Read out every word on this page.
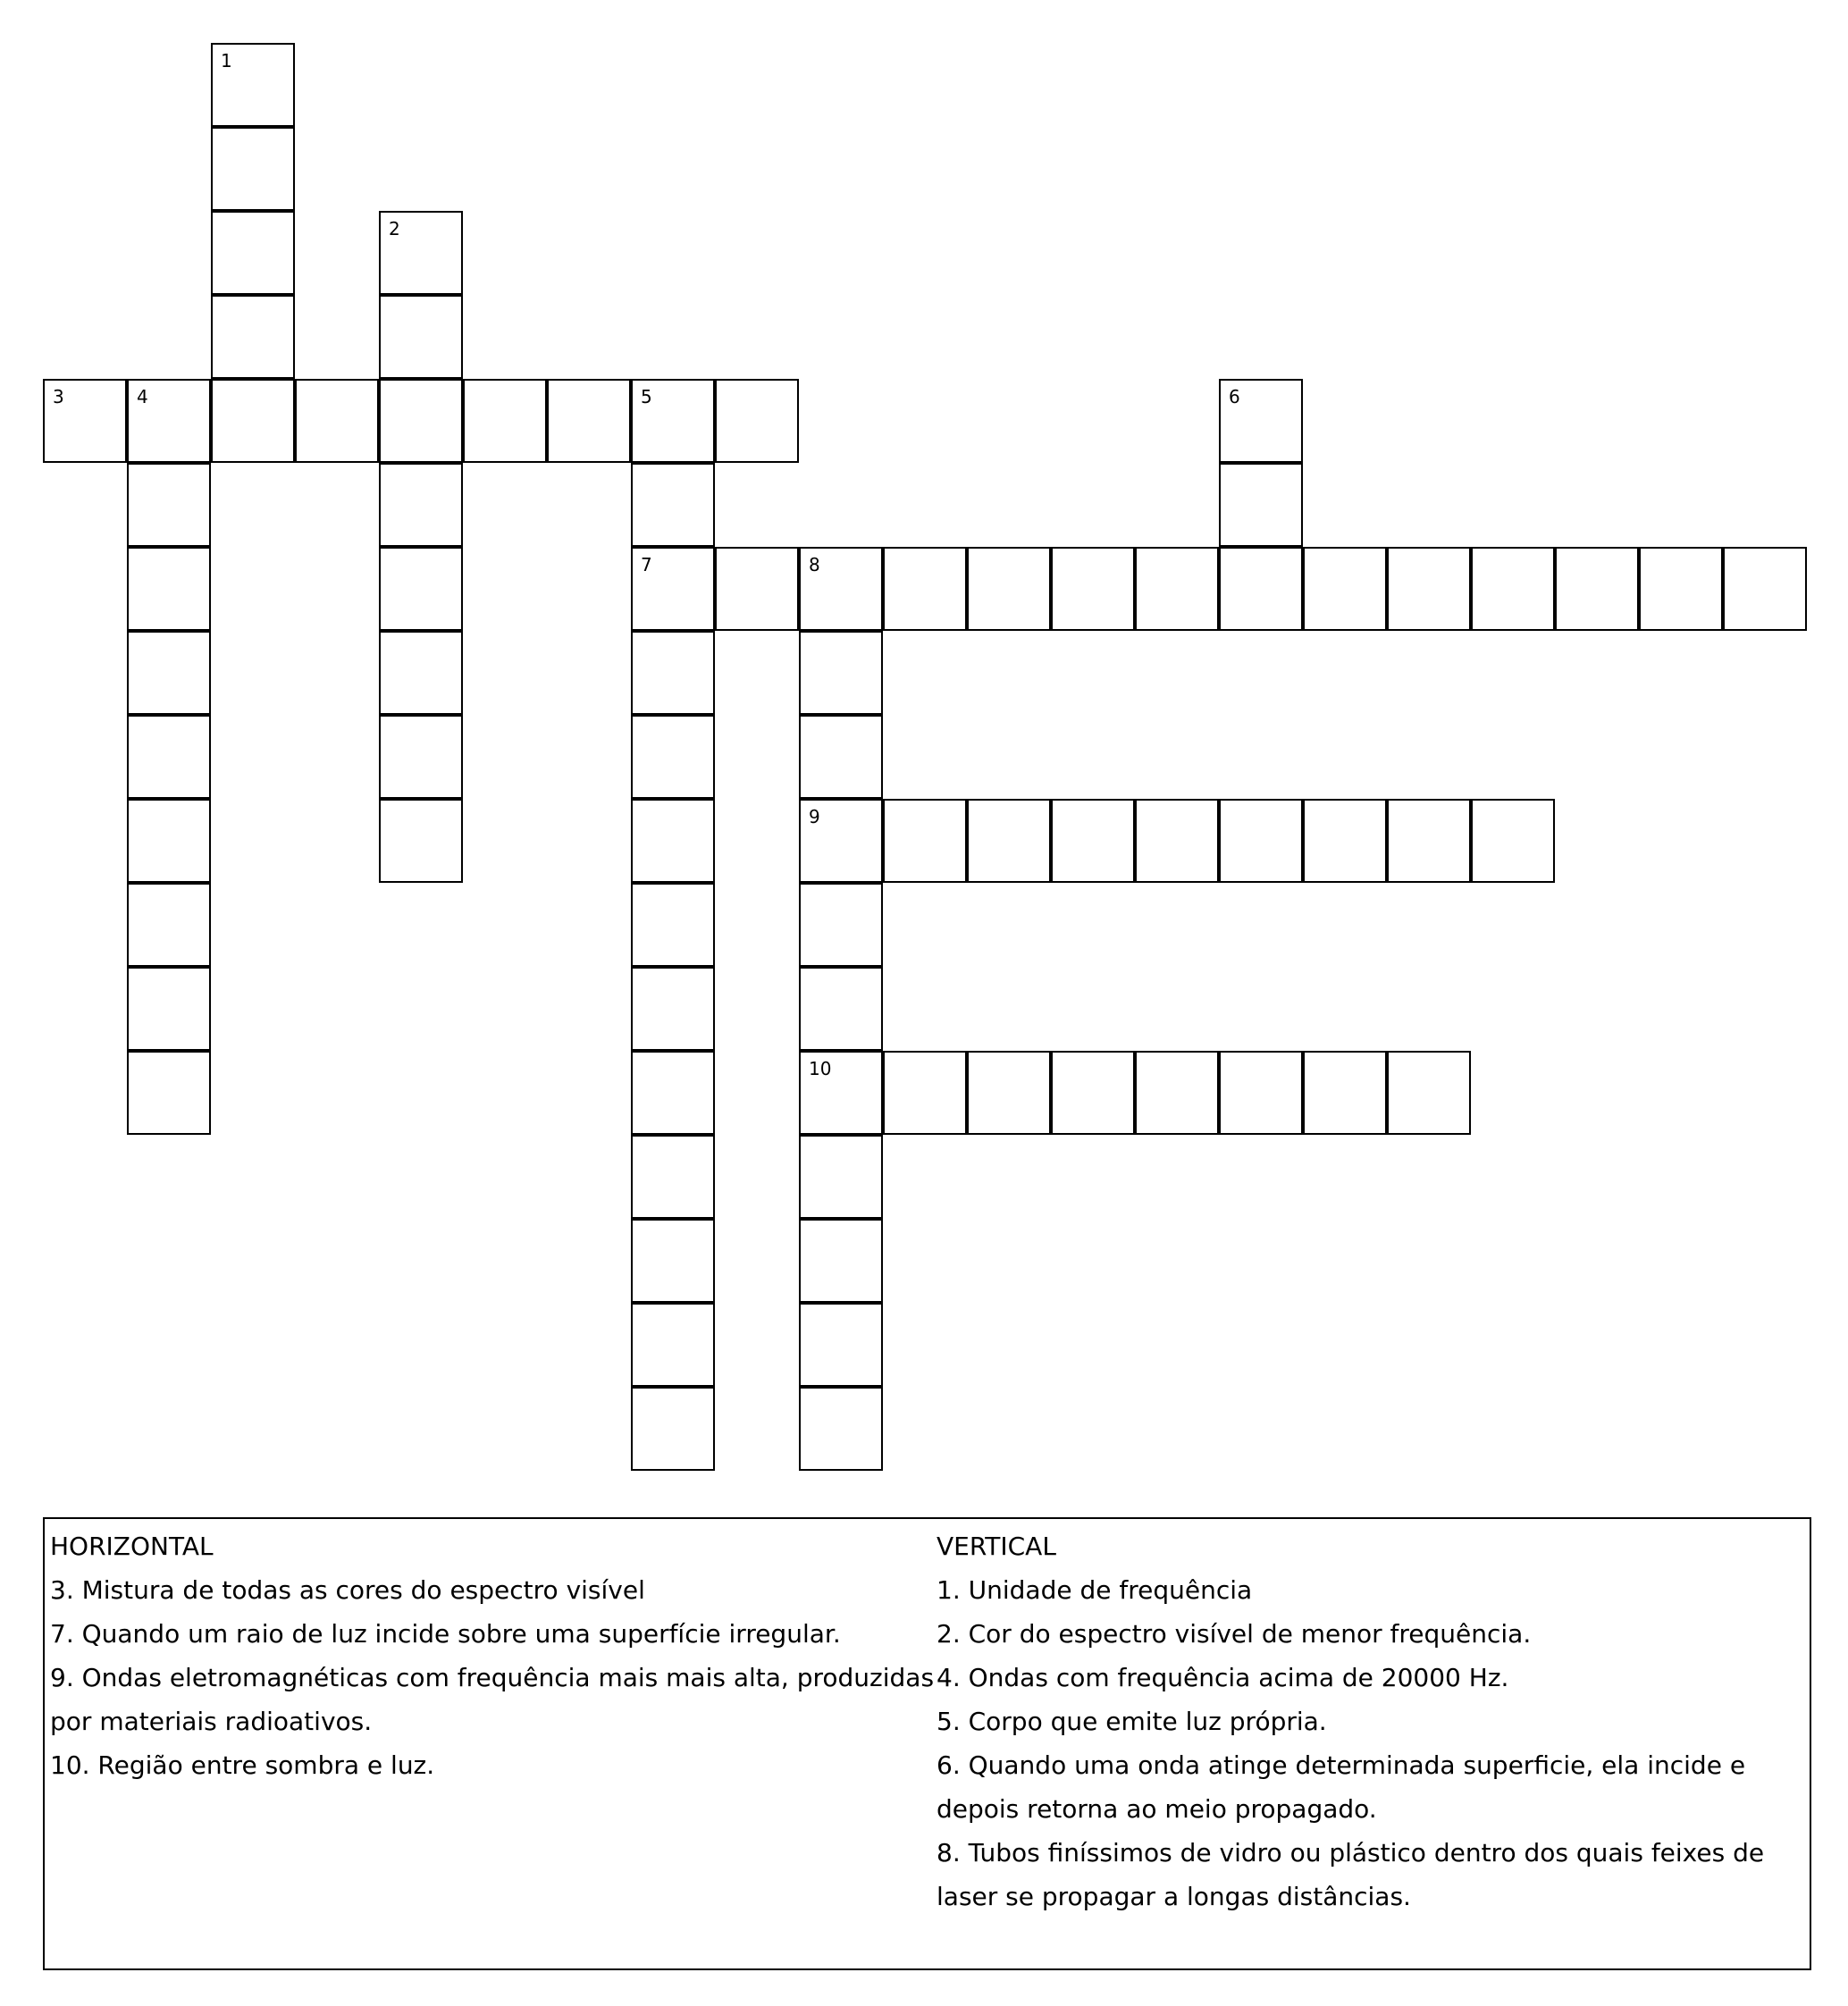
1
2
3	4	5
7
6
8
9
10
HORIZONTAL

3. Mistura de todas as cores do espectro visível

7. Quando um raio de luz incide sobre uma superfície irregular.

9. Ondas eletromagnéticas com frequência mais mais alta, produzidas por materiais radioativos.

10. Região entre sombra e luz.

VERTICAL

1. Unidade de frequência

2. Cor do espectro visível de menor frequência.

4. Ondas com frequência acima de 20000 Hz.

5. Corpo que emite luz própria.

6. Quando uma onda atinge determinada superficie, ela incide e depois retorna ao meio propagado.

8. Tubos finíssimos de vidro ou plástico dentro dos quais feixes de laser se propagar a longas distâncias.
